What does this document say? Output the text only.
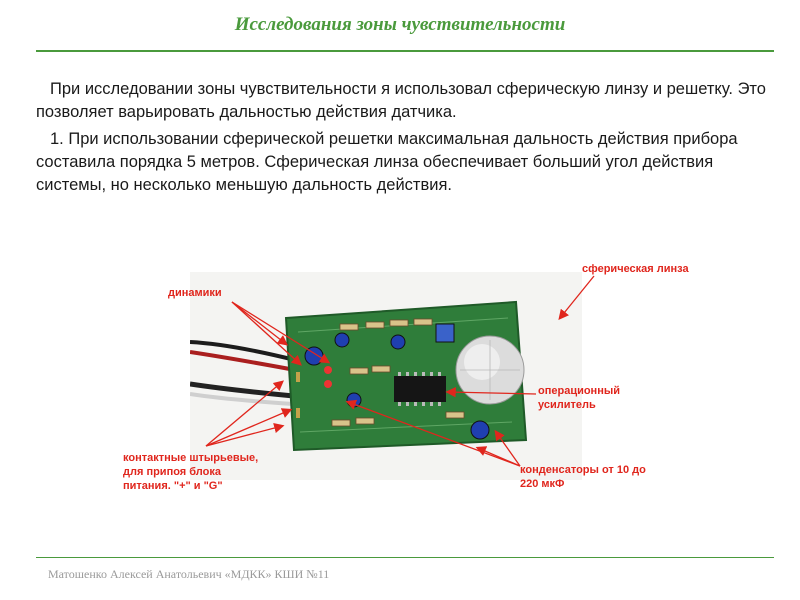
Исследования зоны чувствительности

При исследовании зоны чувствительности я использовал сферическую линзу и решетку. Это позволяет варьировать дальностью действия датчика.

1. При использовании сферической решетки максимальная дальность действия прибора составила порядка 5 метров. Сферическая линза обеспечивает больший угол действия системы, но несколько меньшую дальность действия.

динамики
сферическая линза
операционный усилитель
контактные штырьевые, для припоя блока питания. "+" и "G"
конденсаторы от 10 до 220 мкФ
Матошенко Алексей Анатольевич «МДКК» КШИ №11
